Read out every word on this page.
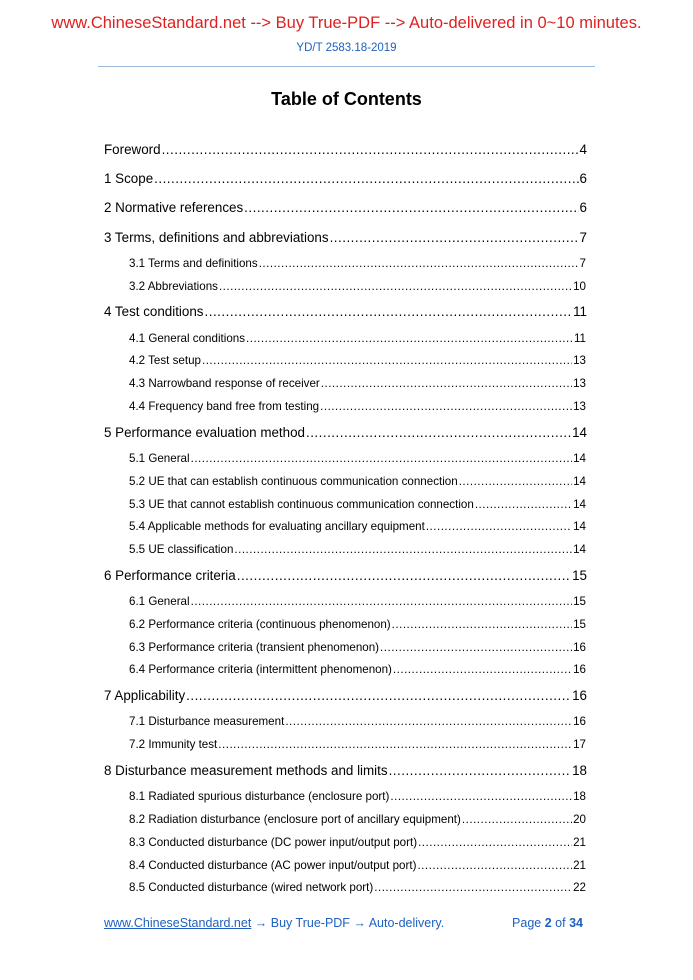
www.ChineseStandard.net --> Buy True-PDF --> Auto-delivered in 0~10 minutes.
YD/T 2583.18-2019
Table of Contents
Foreword .....	4
1 Scope .....	6
2 Normative references .....	6
3 Terms, definitions and abbreviations .....	7
3.1 Terms and definitions .....	7
3.2 Abbreviations .....	10
4 Test conditions .....	11
4.1 General conditions .....	11
4.2 Test setup .....	13
4.3 Narrowband response of receiver .....	13
4.4 Frequency band free from testing .....	13
5 Performance evaluation method .....	14
5.1 General .....	14
5.2 UE that can establish continuous communication connection .....	14
5.3 UE that cannot establish continuous communication connection .....	14
5.4 Applicable methods for evaluating ancillary equipment .....	14
5.5 UE classification .....	14
6 Performance criteria .....	15
6.1 General .....	15
6.2 Performance criteria (continuous phenomenon) .....	15
6.3 Performance criteria (transient phenomenon) .....	16
6.4 Performance criteria (intermittent phenomenon) .....	16
7 Applicability .....	16
7.1 Disturbance measurement .....	16
7.2 Immunity test .....	17
8 Disturbance measurement methods and limits .....	18
8.1 Radiated spurious disturbance (enclosure port) .....	18
8.2 Radiation disturbance (enclosure port of ancillary equipment) .....	20
8.3 Conducted disturbance (DC power input/output port) .....	21
8.4 Conducted disturbance (AC power input/output port) .....	21
8.5 Conducted disturbance (wired network port) .....	22
www.ChineseStandard.net → Buy True-PDF → Auto-delivery.	Page 2 of 34
